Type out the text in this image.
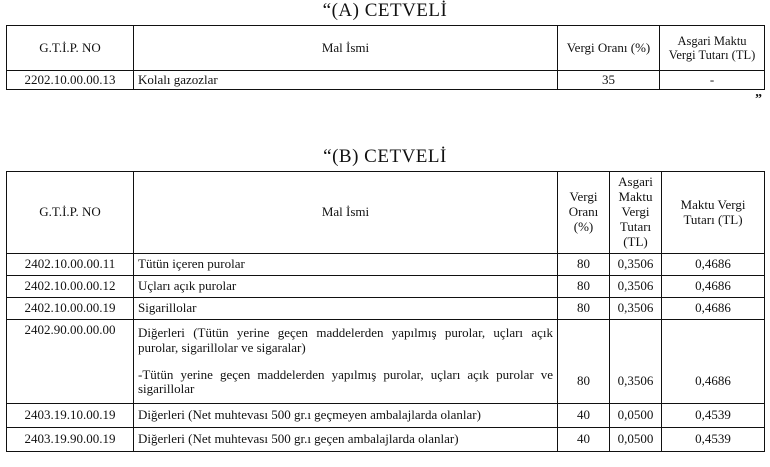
“(A) CETVELİ
G.T.İ.P. NO	Mal İsmi	Vergi Oranı (%)	Asgari Maktu Vergi Tutarı (TL)
2202.10.00.00.13	Kolalı gazozlar	35	-
”
“(B) CETVELİ
G.T.İ.P. NO	Mal İsmi	Vergi Oranı (%)	Asgari Maktu Vergi Tutarı (TL)	Maktu Vergi Tutarı (TL)
2402.10.00.00.11	Tütün içeren purolar	80	0,3506	0,4686
2402.10.00.00.12	Uçları açık purolar	80	0,3506	0,4686
2402.10.00.00.19	Sigarillolar	80	0,3506	0,4686
2402.90.00.00.00	Diğerleri (Tütün yerine geçen maddelerden yapılmış purolar, uçları açık purolar, sigarillolar ve sigaralar)
-Tütün yerine geçen maddelerden yapılmış purolar, uçları açık purolar ve sigarillolar	80	0,3506	0,4686
2403.19.10.00.19	Diğerleri (Net muhtevası 500 gr.ı geçmeyen ambalajlarda olanlar)	40	0,0500	0,4539
2403.19.90.00.19	Diğerleri (Net muhtevası 500 gr.ı geçen ambalajlarda olanlar)	40	0,0500	0,4539
